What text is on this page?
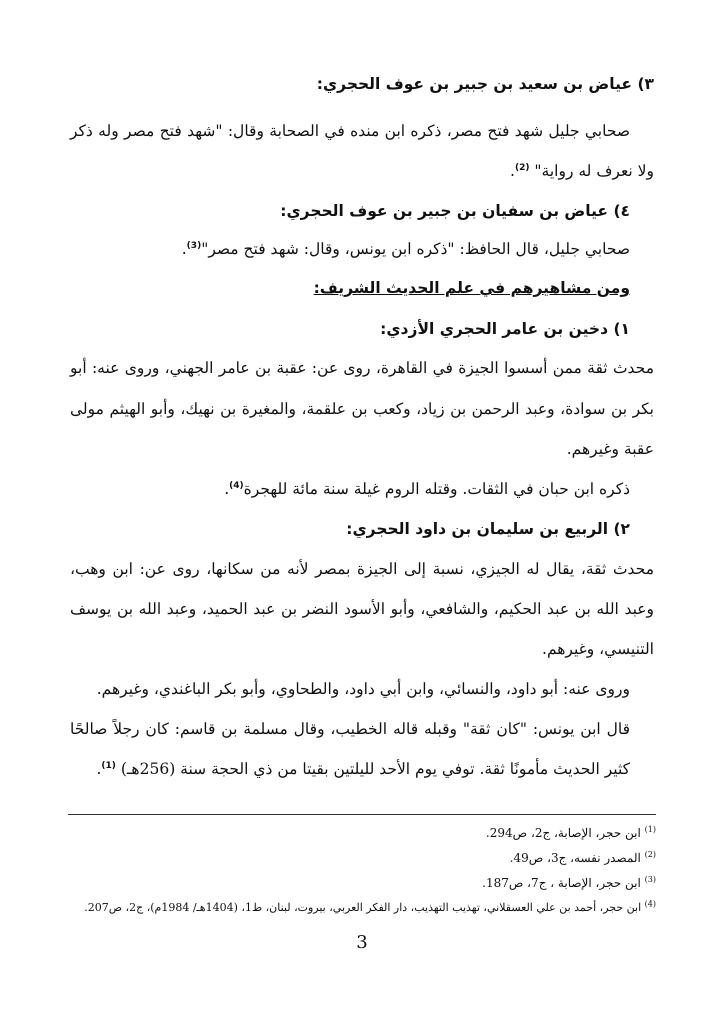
٣) عياض بن سعيد بن جبير بن عوف الحجري:
صحابي جليل شهد فتح مصر، ذكره ابن منده في الصحابة وقال: "شهد فتح مصر وله ذكر
ولا نعرف له رواية" $^{(2)}$.
٤) عياض بن سفيان بن جبير بن عوف الحجري:
صحابي جليل، قال الحافظ: "ذكره ابن يونس، وقال: شهد فتح مصر"$^{(3)}$.
ومن مشاهيرهم في علم الحديث الشريف:
١) دخين بن عامر الحجري الأزدي:
محدث ثقة ممن أسسوا الجيزة في القاهرة، روى عن: عقبة بن عامر الجهني، وروى عنه: أبو
بكر بن سوادة، وعبد الرحمن بن زياد، وكعب بن علقمة، والمغيرة بن نهيك، وأبو الهيثم مولى
عقبة وغيرهم.
ذكره ابن حبان في الثقات. وقتله الروم غيلة سنة مائة للهجرة$^{(4)}$.
٢) الربيع بن سليمان بن داود الحجري:
محدث ثقة، يقال له الجيزي، نسبة إلى الجيزة بمصر لأنه من سكانها، روى عن: ابن وهب،
وعبد الله بن عبد الحكيم، والشافعي، وأبو الأسود النضر بن عبد الحميد، وعبد الله بن يوسف
التنيسي، وغيرهم.
وروى عنه: أبو داود، والنسائي، وابن أبي داود، والطحاوي، وأبو بكر الباغندي، وغيرهم.
قال ابن يونس: "كان ثقة" وقبله قاله الخطيب، وقال مسلمة بن قاسم: كان رجلاً صالحًا
كثير الحديث مأمونًا ثقة. توفي يوم الأحد لليلتين بقيتا من ذي الحجة سنة (256هـ) $^{(1)}$.
$^{(1)}$ ابن حجر، الإصابة، ج2، ص294.
$^{(2)}$ المصدر نفسه، ج3، ص49.
$^{(3)}$ ابن حجر، الإصابة ، ج7، ص187.
$^{(4)}$ ابن حجر، أحمد بن علي العسقلاني، تهذيب التهذيب، دار الفكر العربي، بيروت، لبنان، ط1، (1404هـ/ 1984م)، ج2، ص207.
3
